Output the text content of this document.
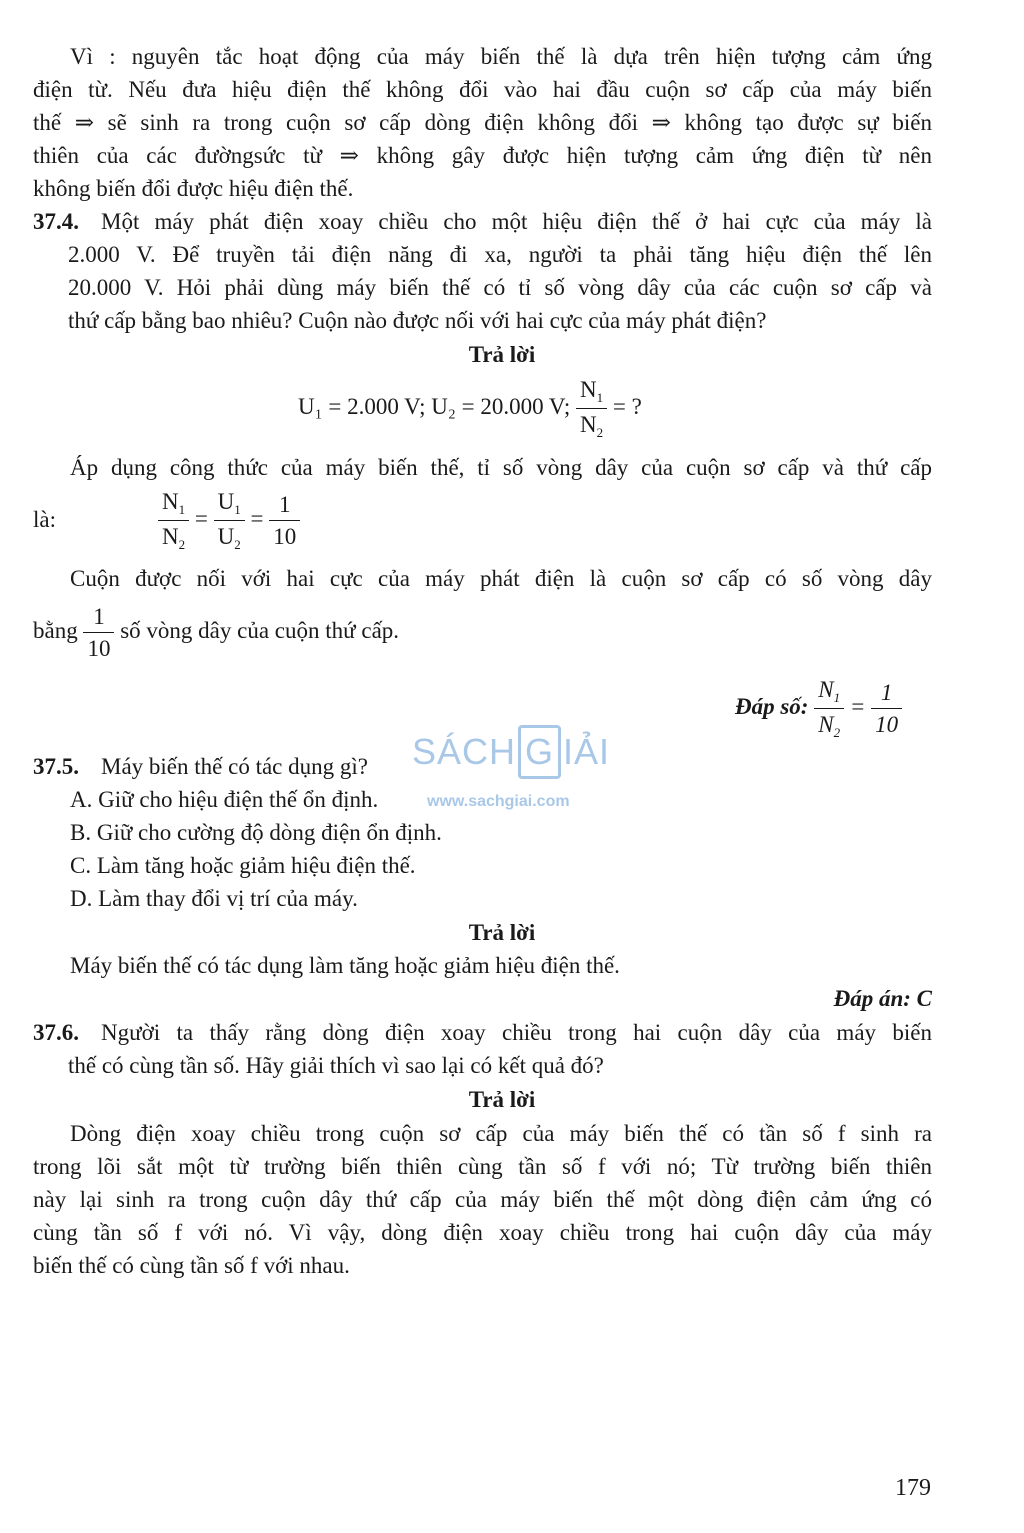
Vì : nguyên tắc hoạt động của máy biến thế là dựa trên hiện tượng cảm ứng
điện từ. Nếu đưa hiệu điện thế không đổi vào hai đầu cuộn sơ cấp của máy biến
thế ⇒ sẽ sinh ra trong cuộn sơ cấp dòng điện không đổi ⇒ không tạo được sự biến
thiên của các đườngsức từ ⇒ không gây được hiện tượng cảm ứng điện từ nên
không biến đổi được hiệu điện thế.
37.4. Một máy phát điện xoay chiều cho một hiệu điện thế ở hai cực của máy là
2.000 V. Để truyền tải điện năng đi xa, người ta phải tăng hiệu điện thế lên
20.000 V. Hỏi phải dùng máy biến thế có tỉ số vòng dây của các cuộn sơ cấp và
thứ cấp bằng bao nhiêu? Cuộn nào được nối với hai cực của máy phát điện?
Trả lời
U₁ = 2.000 V; U₂ = 20.000 V; $\frac{N_1}{N_2}$ = ?
Áp dụng công thức của máy biến thế, tỉ số vòng dây của cuộn sơ cấp và thứ cấp
là:	$\frac{N_1}{N_2} = \frac{U_1}{U_2} = \frac{1}{10}$
Cuộn được nối với hai cực của máy phát điện là cuộn sơ cấp có số vòng dây
bằng $\frac{1}{10}$ số vòng dây của cuộn thứ cấp.
Đáp số: $\frac{N_1}{N_2} = \frac{1}{10}$
SÁCH G IẢI
www.sachgiai.com
37.5. Máy biến thế có tác dụng gì?
A. Giữ cho hiệu điện thế ổn định.
B. Giữ cho cường độ dòng điện ổn định.
C. Làm tăng hoặc giảm hiệu điện thế.
D. Làm thay đổi vị trí của máy.
Trả lời
Máy biến thế có tác dụng làm tăng hoặc giảm hiệu điện thế.
Đáp án: C
37.6. Người ta thấy rằng dòng điện xoay chiều trong hai cuộn dây của máy biến
thế có cùng tần số. Hãy giải thích vì sao lại có kết quả đó?
Trả lời
Dòng điện xoay chiều trong cuộn sơ cấp của máy biến thế có tần số f sinh ra
trong lõi sắt một từ trường biến thiên cùng tần số f với nó; Từ trường biến thiên
này lại sinh ra trong cuộn dây thứ cấp của máy biến thế một dòng điện cảm ứng có
cùng tần số f với nó. Vì vậy, dòng điện xoay chiều trong hai cuộn dây của máy
biến thế có cùng tần số f với nhau.
179
